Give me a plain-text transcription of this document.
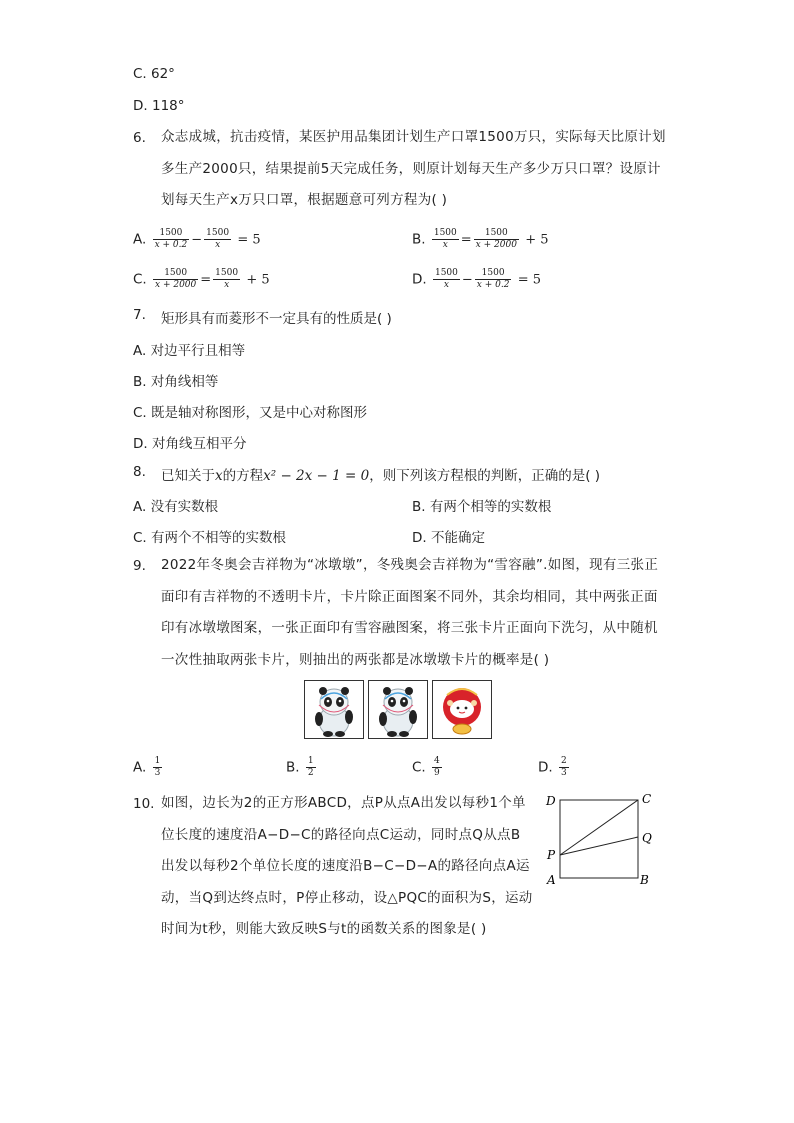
C. 62°
D. 118°
6. 众志成城，抗击疫情，某医护用品集团计划生产口罩1500万只，实际每天比原计划多生产2000只，结果提前5天完成任务，则原计划每天生产多少万只口罩？设原计划每天生产x万只口罩，根据题意可列方程为( )
A. $\frac{1500}{x + 0.2} - \frac{1500}{x} = 5$	B. $\frac{1500}{x} = \frac{1500}{x + 2000} + 5$
C. $\frac{1500}{x + 2000} = \frac{1500}{x} + 5$	D. $\frac{1500}{x} - \frac{1500}{x + 0.2} = 5$
7. 矩形具有而菱形不一定具有的性质是( )
A. 对边平行且相等
B. 对角线相等
C. 既是轴对称图形，又是中心对称图形
D. 对角线互相平分
8. 已知关于x的方程x² − 2x − 1 = 0，则下列该方程根的判断，正确的是( )
A. 没有实数根	B. 有两个相等的实数根
C. 有两个不相等的实数根	D. 不能确定
9. 2022年冬奥会吉祥物为“冰墩墩”，冬残奥会吉祥物为“雪容融”.如图，现有三张正面印有吉祥物的不透明卡片，卡片除正面图案不同外，其余均相同，其中两张正面印有冰墩墩图案，一张正面印有雪容融图案，将三张卡片正面向下洗匀，从中随机一次性抽取两张卡片，则抽出的两张都是冰墩墩卡片的概率是( )
A. $\frac{1}{3}$	B. $\frac{1}{2}$	C. $\frac{4}{9}$	D. $\frac{2}{3}$
10. 如图，边长为2的正方形ABCD，点P从点A出发以每秒1个单位长度的速度沿A−D−C的路径向点C运动，同时点Q从点B出发以每秒2个单位长度的速度沿B−C−D−A的路径向点A运动，当Q到达终点时，P停止移动，设△PQC的面积为S，运动时间为t秒，则能大致反映S与t的函数关系的图象是( )
D	C
Q
P
A	B
